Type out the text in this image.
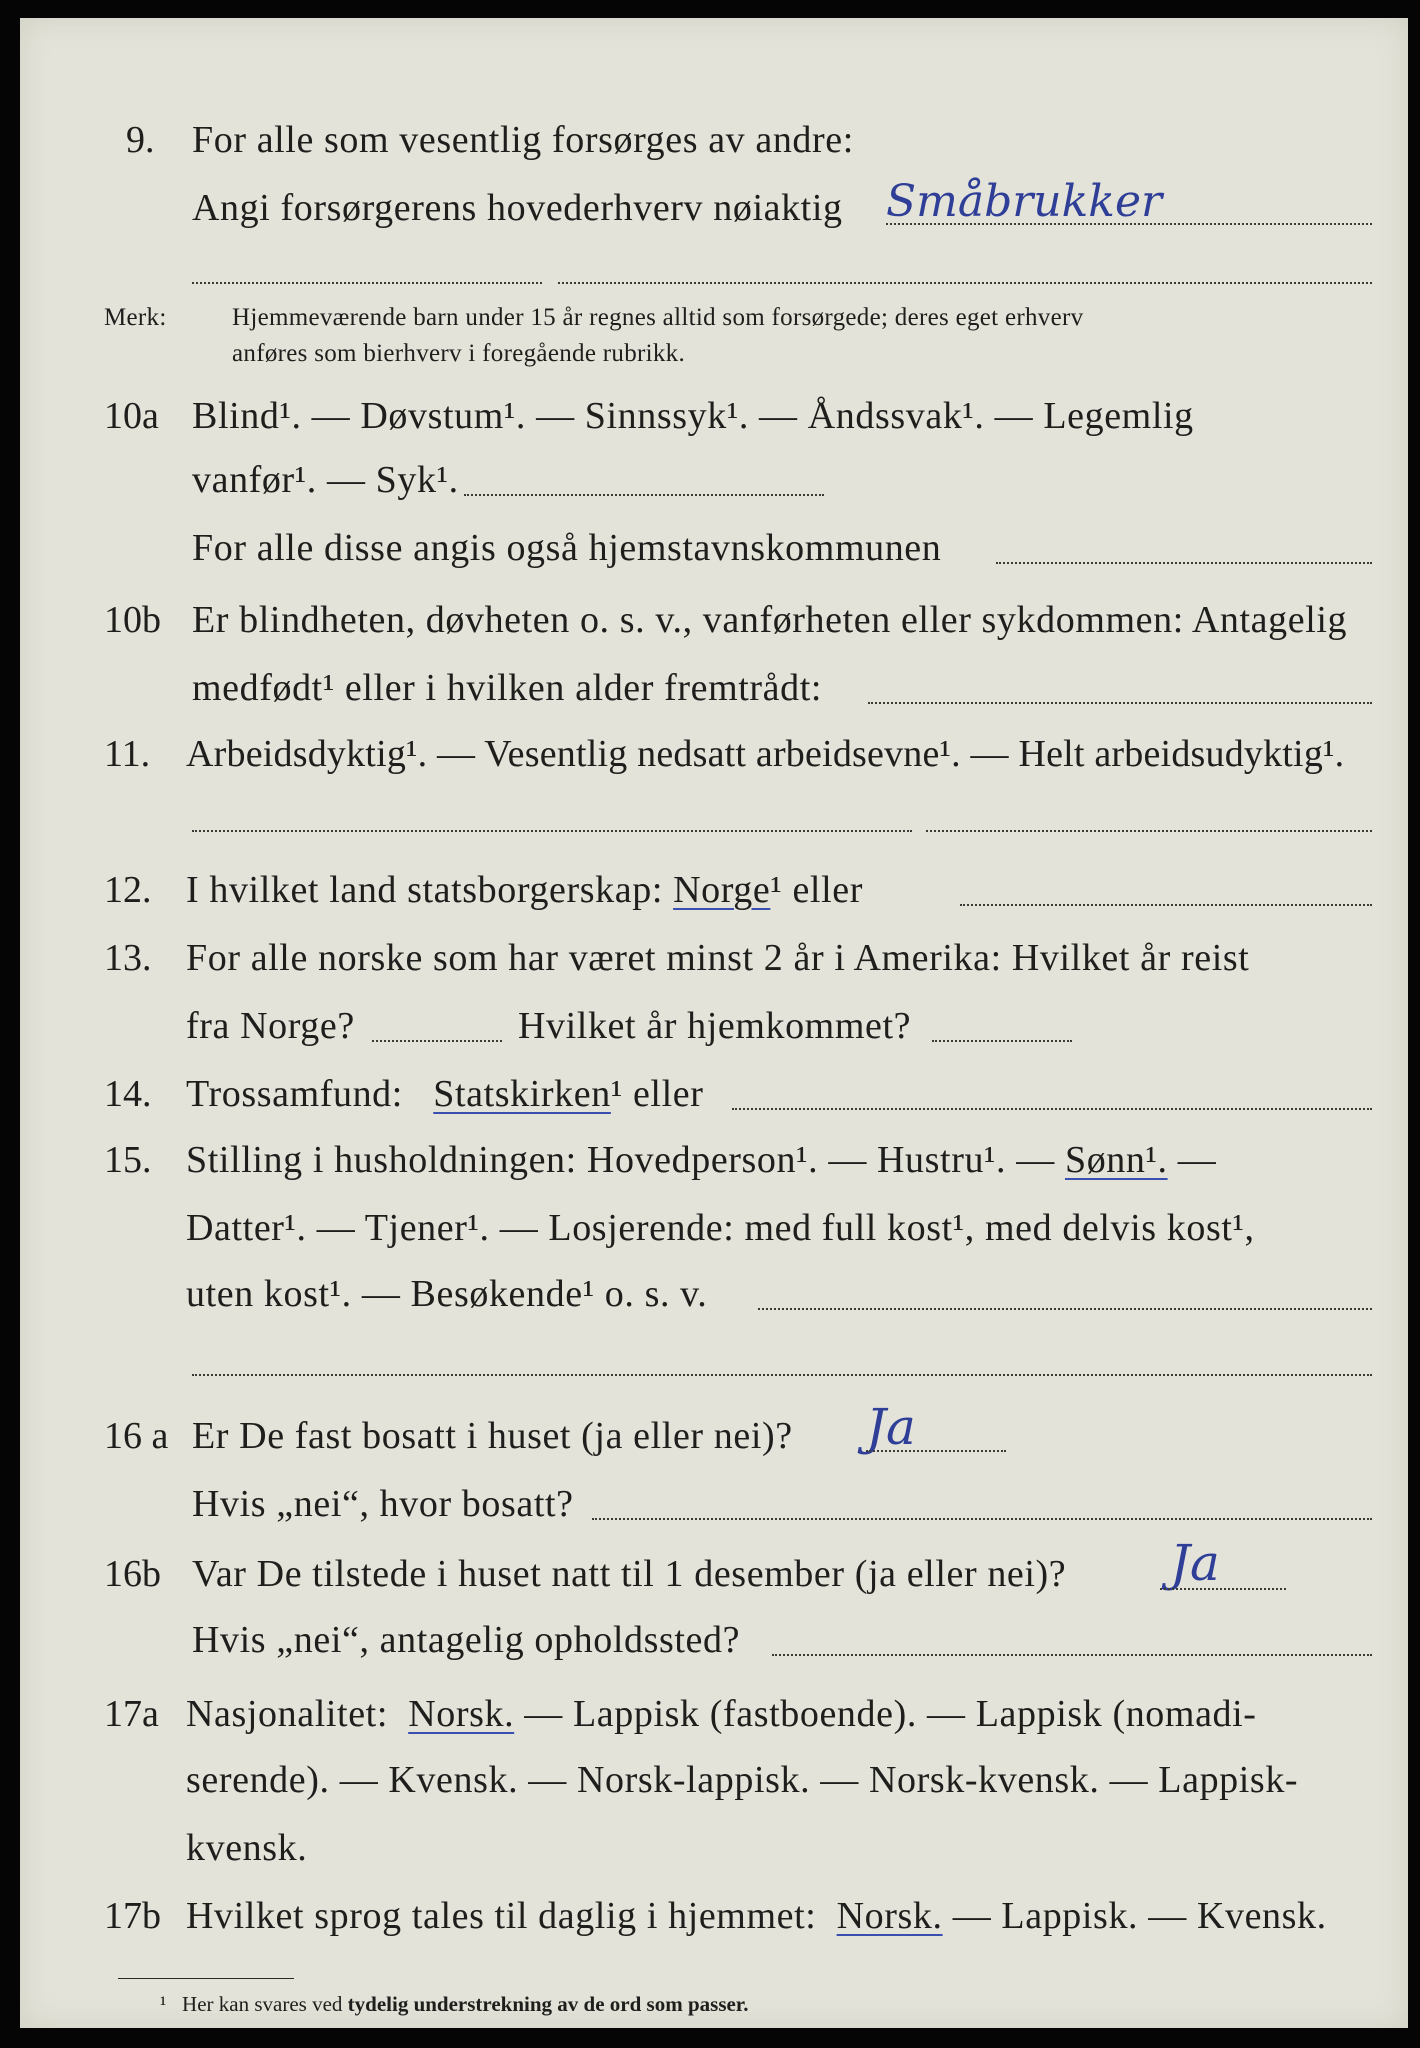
9. For alle som vesentlig forsørges av andre:
Angi forsørgerens hovederhverv nøiaktig Småbrukker
Merk:	Hjemmeværende barn under 15 år regnes alltid som forsørgede; deres eget erhverv
anføres som bierhverv i foregående rubrikk.
10a Blind¹. — Døvstum¹. — Sinnssyk¹. — Åndssvak¹. — Legemlig
vanfør¹. — Syk¹.
For alle disse angis også hjemstavnskommunen
10b Er blindheten, døvheten o. s. v., vanførheten eller sykdommen: Antagelig
medfødt¹ eller i hvilken alder fremtrådt:
11. Arbeidsdyktig¹. — Vesentlig nedsatt arbeidsevne¹. — Helt arbeidsudyktig¹.
12. I hvilket land statsborgerskap: Norge¹ eller
13. For alle norske som har været minst 2 år i Amerika: Hvilket år reist
fra Norge?	Hvilket år hjemkommet?
14. Trossamfund: Statskirken¹ eller
15. Stilling i husholdningen: Hovedperson¹. — Hustru¹. — Sønn¹. —
Datter¹. — Tjener¹. — Losjerende: med full kost¹, med delvis kost¹,
uten kost¹. — Besøkende¹ o. s. v.
16 a Er De fast bosatt i huset (ja eller nei)? Ja
Hvis „nei“, hvor bosatt?
16b Var De tilstede i huset natt til 1 desember (ja eller nei)? Ja
Hvis „nei“, antagelig opholdssted?
17a Nasjonalitet: Norsk. — Lappisk (fastboende). — Lappisk (nomadi-
serende). — Kvensk. — Norsk-lappisk. — Norsk-kvensk. — Lappisk-
kvensk.
17b Hvilket sprog tales til daglig i hjemmet: Norsk. — Lappisk. — Kvensk.
¹ Her kan svares ved tydelig understrekning av de ord som passer.
